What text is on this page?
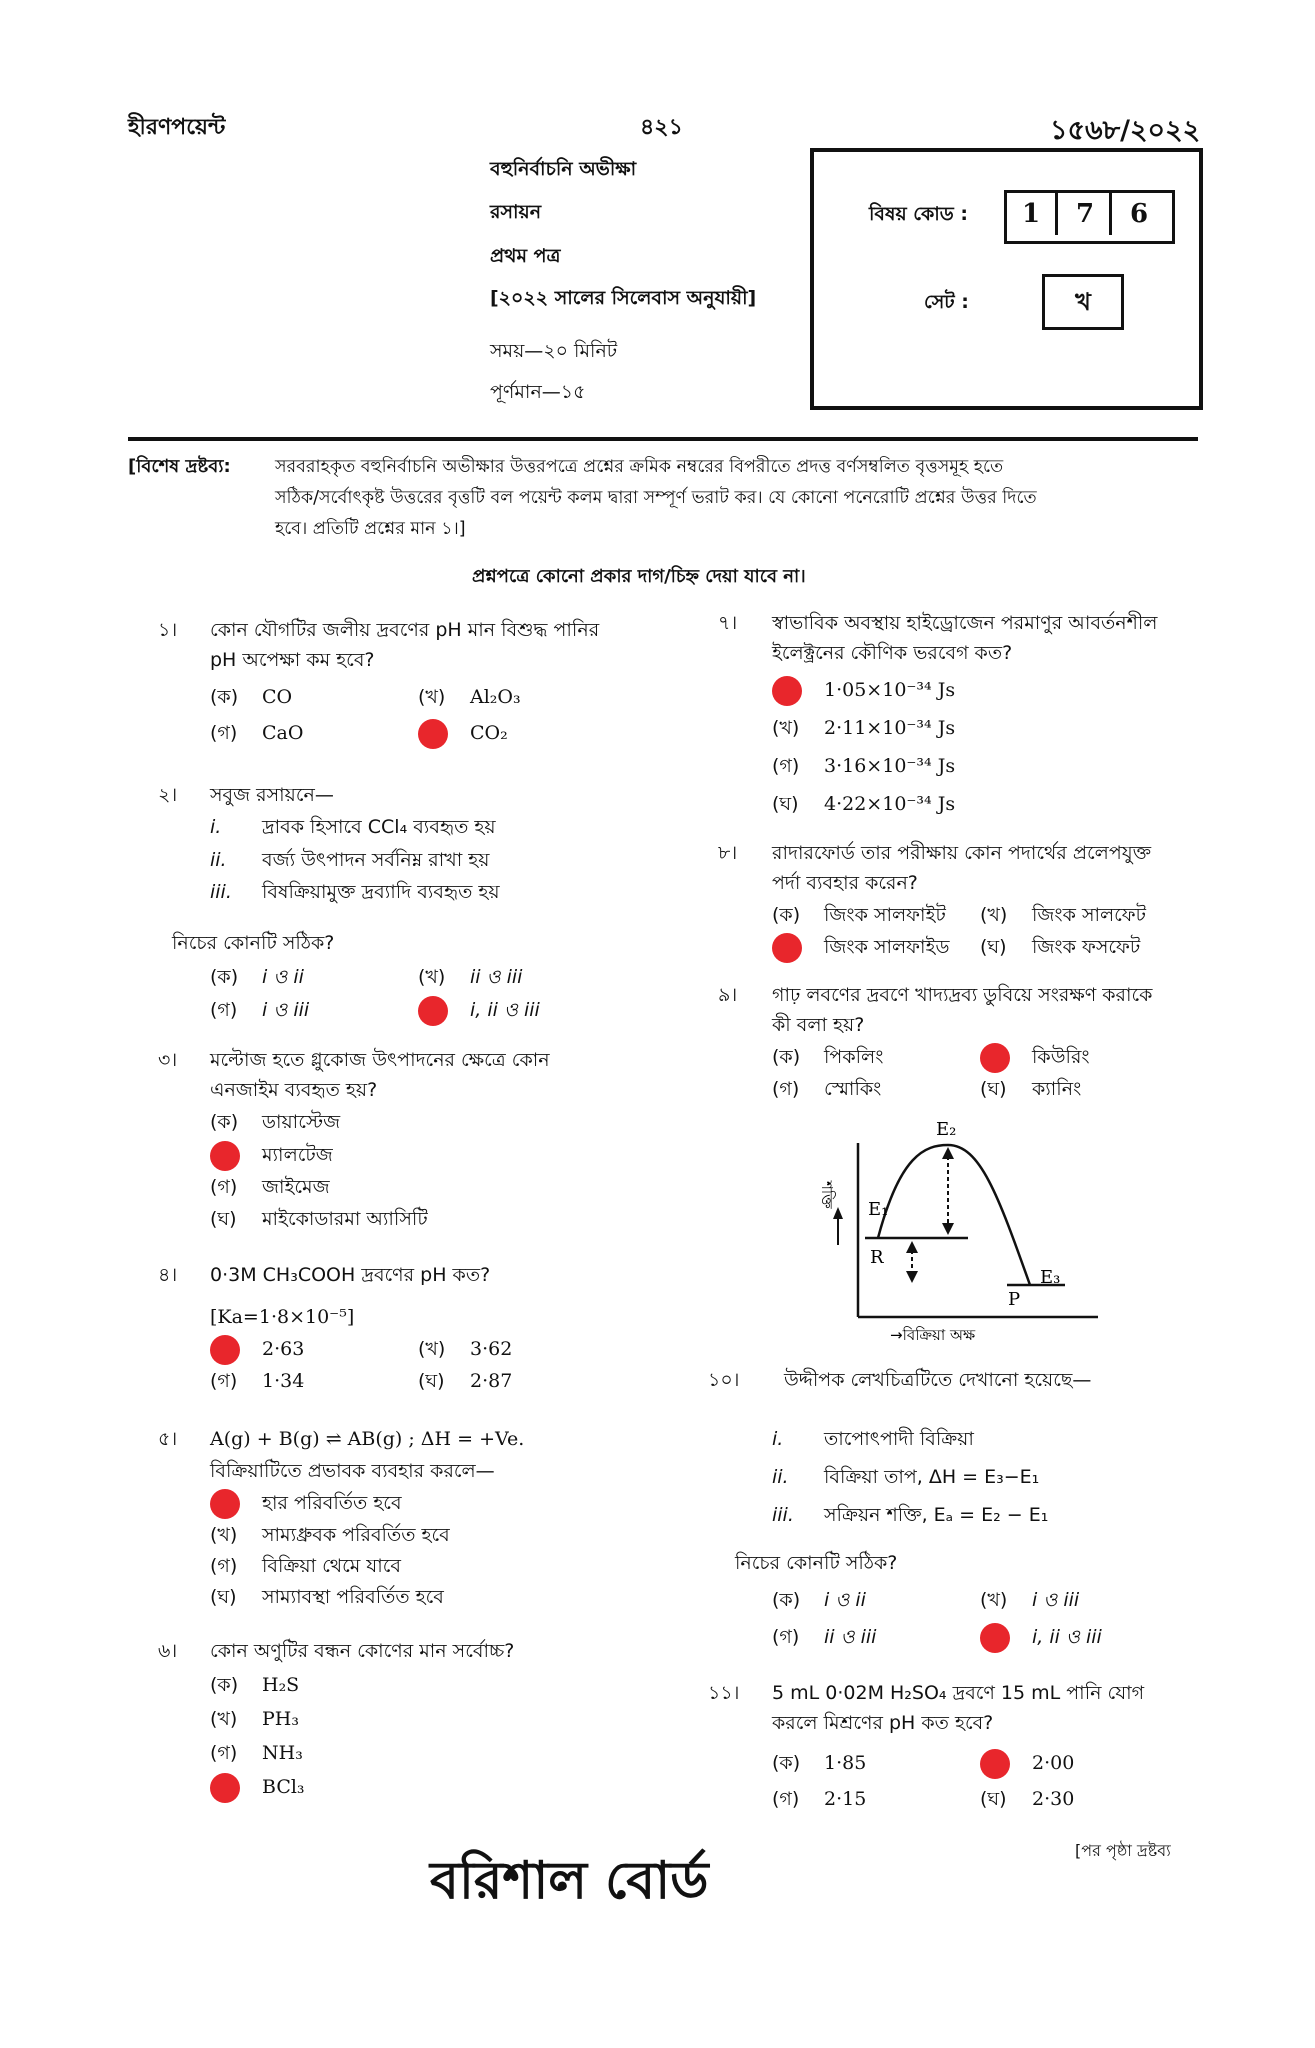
হীরণপয়েন্ট	৪২১	১৫৬৮/২০২২
বহুনির্বাচনি অভীক্ষা
রসায়ন
প্রথম পত্র
[২০২২ সালের সিলেবাস অনুযায়ী]
সময়—২০ মিনিট
পূর্ণমান—১৫
বিষয় কোড :	1	7	6
সেট :	খ
[বিশেষ দ্রষ্টব্য:	সরবরাহকৃত বহুনির্বাচনি অভীক্ষার উত্তরপত্রে প্রশ্নের ক্রমিক নম্বরের বিপরীতে প্রদত্ত বর্ণসম্বলিত বৃত্তসমূহ হতে
সঠিক/সর্বোৎকৃষ্ট উত্তরের বৃত্তটি বল পয়েন্ট কলম দ্বারা সম্পূর্ণ ভরাট কর। যে কোনো পনেরোটি প্রশ্নের উত্তর দিতে
হবে। প্রতিটি প্রশ্নের মান ১।]
প্রশ্নপত্রে কোনো প্রকার দাগ/চিহ্ন দেয়া যাবে না।
১।	কোন যৌগটির জলীয় দ্রবণের pH মান বিশুদ্ধ পানির
pH অপেক্ষা কম হবে?
(ক) CO	(খ) Al₂O₃
(গ) CaO	CO₂
২।	সবুজ রসায়নে—
i. দ্রাবক হিসাবে CCl₄ ব্যবহৃত হয়
ii. বর্জ্য উৎপাদন সর্বনিম্ন রাখা হয়
iii. বিষক্রিয়ামুক্ত দ্রব্যাদি ব্যবহৃত হয়
নিচের কোনটি সঠিক?
(ক) i ও ii	(খ) ii ও iii
(গ) i ও iii	i, ii ও iii
৩।	মল্টোজ হতে গ্লুকোজ উৎপাদনের ক্ষেত্রে কোন
এনজাইম ব্যবহৃত হয়?
(ক) ডায়াস্টেজ
ম্যালটেজ
(গ) জাইমেজ
(ঘ) মাইকোডারমা অ্যাসিটি
৪।	0·3M CH₃COOH দ্রবণের pH কত?
[Ka=1·8×10⁻⁵]
2·63	(খ) 3·62
(গ) 1·34	(ঘ) 2·87
৫।	A(g) + B(g) ⇌ AB(g) ; ΔH = +Ve.
বিক্রিয়াটিতে প্রভাবক ব্যবহার করলে—
হার পরিবর্তিত হবে
(খ) সাম্যধ্রুবক পরিবর্তিত হবে
(গ) বিক্রিয়া থেমে যাবে
(ঘ) সাম্যাবস্থা পরিবর্তিত হবে
৬।	কোন অণুটির বন্ধন কোণের মান সর্বোচ্চ?
(ক) H₂S
(খ) PH₃
(গ) NH₃
BCl₃
৭।	স্বাভাবিক অবস্থায় হাইড্রোজেন পরমাণুর আবর্তনশীল
ইলেক্ট্রনের কৌণিক ভরবেগ কত?
1·05×10⁻³⁴ Js
(খ) 2·11×10⁻³⁴ Js
(গ) 3·16×10⁻³⁴ Js
(ঘ) 4·22×10⁻³⁴ Js
৮।	রাদারফোর্ড তার পরীক্ষায় কোন পদার্থের প্রলেপযুক্ত
পর্দা ব্যবহার করেন?
(ক) জিংক সালফাইট (খ) জিংক সালফেট
জিংক সালফাইড (ঘ) জিংক ফসফেট
৯।	গাঢ় লবণের দ্রবণে খাদ্যদ্রব্য ডুবিয়ে সংরক্ষণ করাকে
কী বলা হয়?
(ক) পিকলিং	কিউরিং
(গ) স্মোকিং	(ঘ) ক্যানিং
শক্তি
E₁
E₂
E₃
R
P
→বিক্রিয়া অক্ষ
১০।	উদ্দীপক লেখচিত্রটিতে দেখানো হয়েছে—
i. তাপোৎপাদী বিক্রিয়া
ii. বিক্রিয়া তাপ, ΔH = E₃−E₁
iii. সক্রিয়ন শক্তি, Eₐ = E₂ − E₁
নিচের কোনটি সঠিক?
(ক) i ও ii	(খ) i ও iii
(গ) ii ও iii	i, ii ও iii
১১।	5 mL 0·02M H₂SO₄ দ্রবণে 15 mL পানি যোগ
করলে মিশ্রণের pH কত হবে?
(ক) 1·85	2·00
(গ) 2·15	(ঘ) 2·30
[পর পৃষ্ঠা দ্রষ্টব্য
বরিশাল বোর্ড
